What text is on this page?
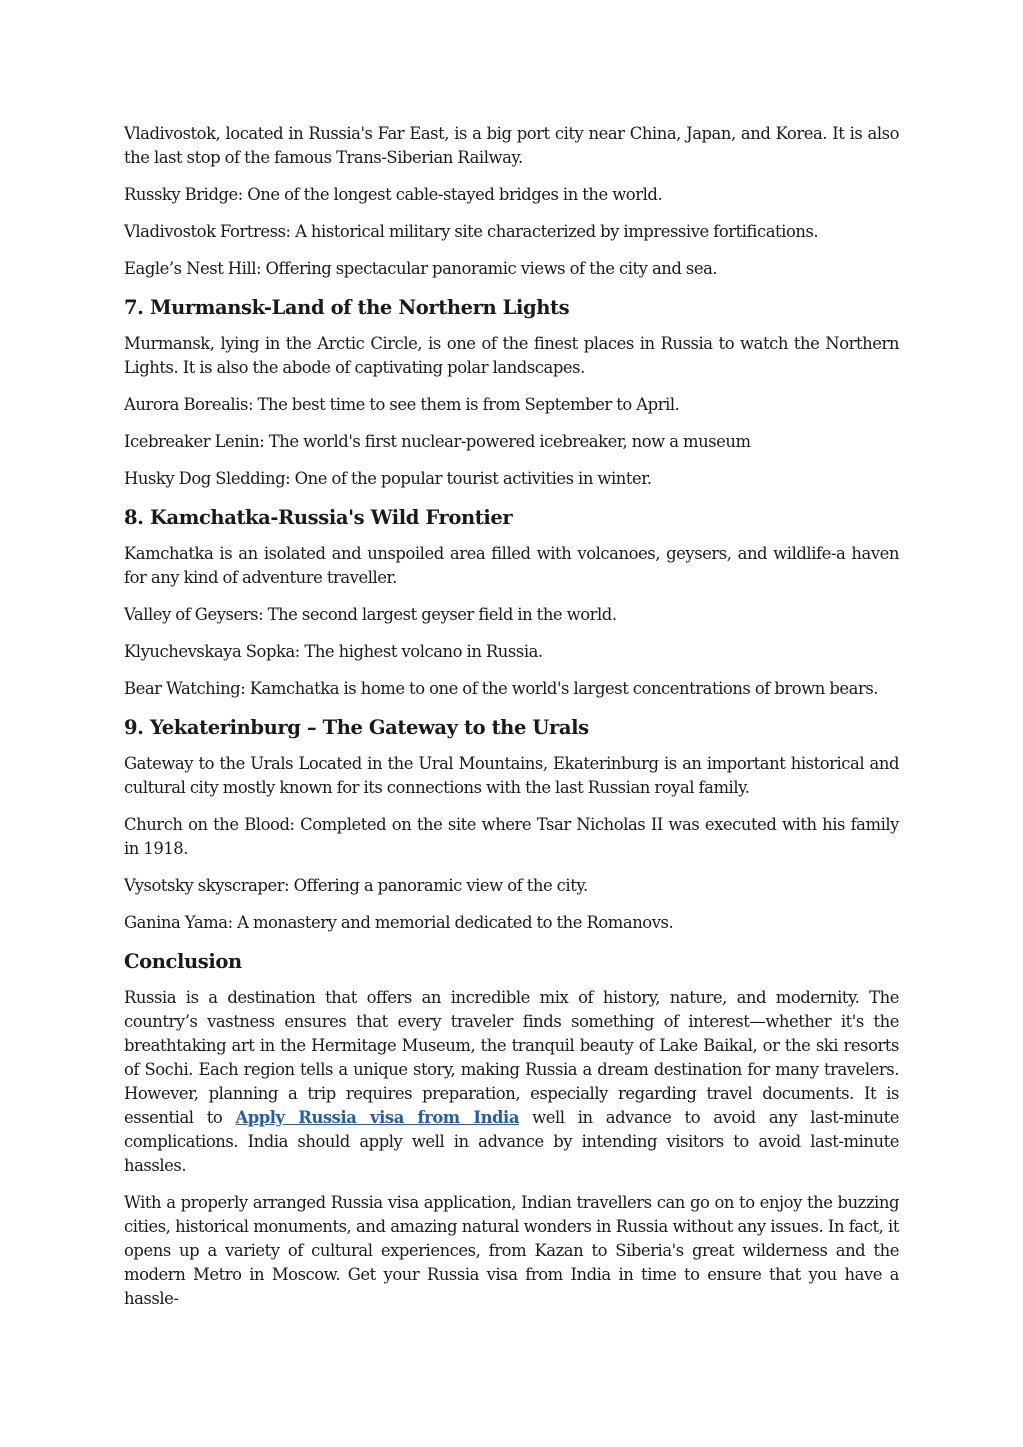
Vladivostok, located in Russia's Far East, is a big port city near China, Japan, and Korea. It is also the last stop of the famous Trans-Siberian Railway.

Russky Bridge: One of the longest cable-stayed bridges in the world.

Vladivostok Fortress: A historical military site characterized by impressive fortifications.

Eagle’s Nest Hill: Offering spectacular panoramic views of the city and sea.

7. Murmansk-Land of the Northern Lights

Murmansk, lying in the Arctic Circle, is one of the finest places in Russia to watch the Northern Lights. It is also the abode of captivating polar landscapes.

Aurora Borealis: The best time to see them is from September to April.

Icebreaker Lenin: The world's first nuclear-powered icebreaker, now a museum

Husky Dog Sledding: One of the popular tourist activities in winter.

8. Kamchatka-Russia's Wild Frontier

Kamchatka is an isolated and unspoiled area filled with volcanoes, geysers, and wildlife-a haven for any kind of adventure traveller.

Valley of Geysers: The second largest geyser field in the world.

Klyuchevskaya Sopka: The highest volcano in Russia.

Bear Watching: Kamchatka is home to one of the world's largest concentrations of brown bears.

9. Yekaterinburg – The Gateway to the Urals

Gateway to the Urals Located in the Ural Mountains, Ekaterinburg is an important historical and cultural city mostly known for its connections with the last Russian royal family.

Church on the Blood: Completed on the site where Tsar Nicholas II was executed with his family in 1918.

Vysotsky skyscraper: Offering a panoramic view of the city.

Ganina Yama: A monastery and memorial dedicated to the Romanovs.

Conclusion

Russia is a destination that offers an incredible mix of history, nature, and modernity. The country’s vastness ensures that every traveler finds something of interest—whether it's the breathtaking art in the Hermitage Museum, the tranquil beauty of Lake Baikal, or the ski resorts of Sochi. Each region tells a unique story, making Russia a dream destination for many travelers. However, planning a trip requires preparation, especially regarding travel documents. It is essential to Apply Russia visa from India well in advance to avoid any last-minute complications. India should apply well in advance by intending visitors to avoid last-minute hassles.

With a properly arranged Russia visa application, Indian travellers can go on to enjoy the buzzing cities, historical monuments, and amazing natural wonders in Russia without any issues. In fact, it opens up a variety of cultural experiences, from Kazan to Siberia's great wilderness and the modern Metro in Moscow. Get your Russia visa from India in time to ensure that you have a hassle-
